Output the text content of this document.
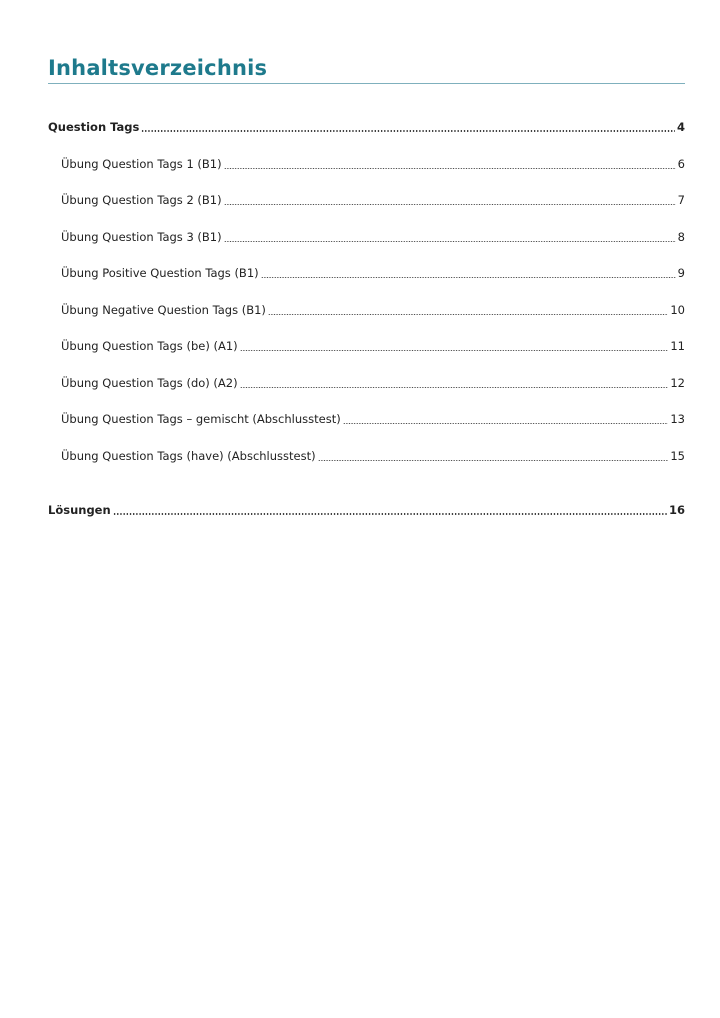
Inhaltsverzeichnis
Question Tags	4
Übung Question Tags 1 (B1)	6
Übung Question Tags 2 (B1)	7
Übung Question Tags 3 (B1)	8
Übung Positive Question Tags (B1)	9
Übung Negative Question Tags (B1)	10
Übung Question Tags (be) (A1)	11
Übung Question Tags (do) (A2)	12
Übung Question Tags – gemischt (Abschlusstest)	13
Übung Question Tags (have) (Abschlusstest)	15
Lösungen	16
